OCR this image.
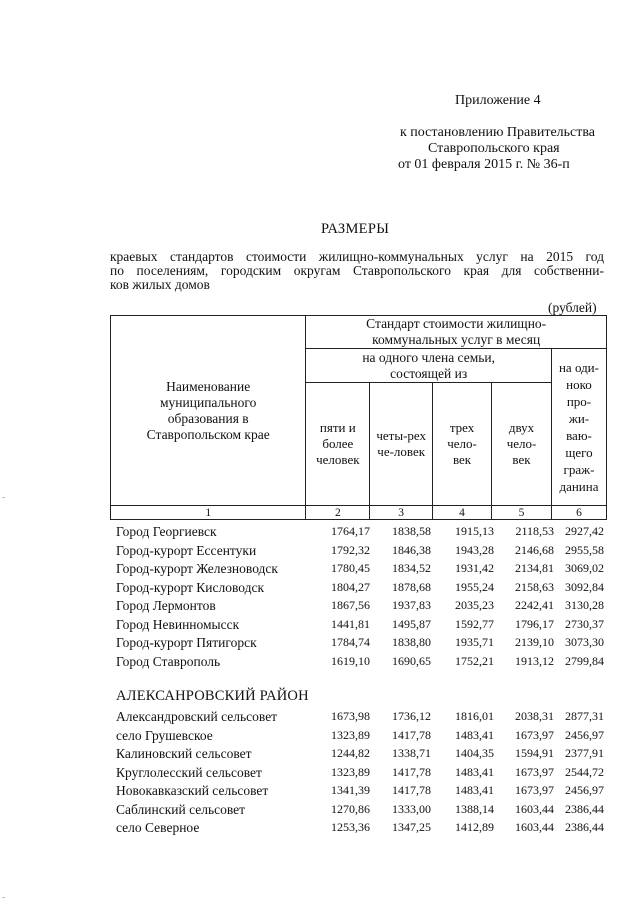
Приложение 4
к постановлению Правительства
Ставропольского края
от 01 февраля 2015 г. № 36-п
РАЗМЕРЫ
краевых стандартов стоимости жилищно-коммунальных услуг на 2015 год
по поселениям, городским округам Ставропольского края для собственни-
ков жилых домов
(рублей)
Наименование муниципального образования в Ставропольском крае	Стандарт стоимости жилищно-коммунальных услуг в месяц				
	на одного члена семьи, состоящей из				на оди-ноко про-жи-ваю-щего граж-данина
	пяти и более человек	четы-рех че-ловек	трех чело-век	двух чело-век	
1	2	3	4	5	6
Город Георгиевск	1764,17	1838,58	1915,13	2118,53 2927,42
Город-курорт Ессентуки	1792,32	1846,38	1943,28	2146,68 2955,58
Город-курорт Железноводск	1780,45	1834,52	1931,42	2134,81 3069,02
Город-курорт Кисловодск	1804,27	1878,68	1955,24	2158,63 3092,84
Город Лермонтов	1867,56	1937,83	2035,23	2242,41 3130,28
Город Невинномысск	1441,81	1495,87	1592,77	1796,17 2730,37
Город-курорт Пятигорск	1784,74	1838,80	1935,71	2139,10 3073,30
Город Ставрополь	1619,10	1690,65	1752,21	1913,12 2799,84
АЛЕКСАНРОВСКИЙ РАЙОН
Александровский сельсовет	1673,98	1736,12	1816,01	2038,31 2877,31
село Грушевское	1323,89	1417,78	1483,41	1673,97 2456,97
Калиновский сельсовет	1244,82	1338,71	1404,35	1594,91 2377,91
Круглолесский сельсовет	1323,89	1417,78	1483,41	1673,97 2544,72
Новокавказский сельсовет	1341,39	1417,78	1483,41	1673,97 2456,97
Саблинский сельсовет	1270,86	1333,00	1388,14	1603,44 2386,44
село Северное	1253,36	1347,25	1412,89	1603,44 2386,44
